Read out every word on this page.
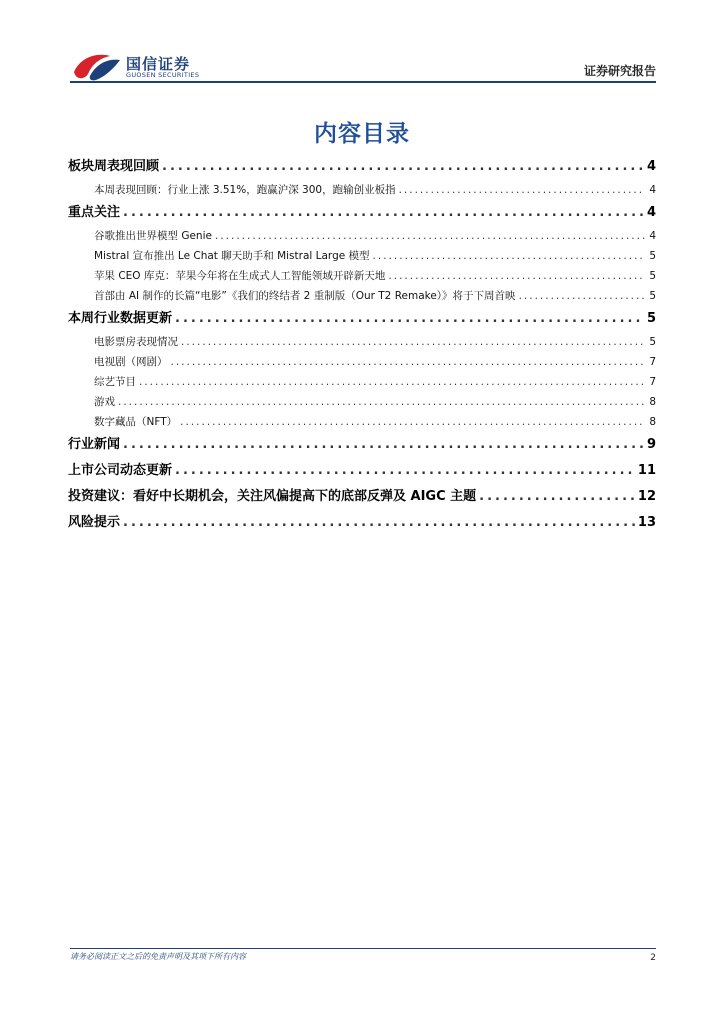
国信证券
GUOSEN SECURITIES	证券研究报告
内容目录
板块周表现回顾 .....	4
本周表现回顾：行业上涨 3.51%，跑赢沪深 300，跑输创业板指 .....	4
重点关注 .....	4
谷歌推出世界模型 Genie .....	4
Mistral 宣布推出 Le Chat 聊天助手和 Mistral Large 模型 .....	5
苹果 CEO 库克：苹果今年将在生成式人工智能领域开辟新天地 .....	5
首部由 AI 制作的长篇“电影”《我们的终结者 2 重制版（Our T2 Remake）》将于下周首映 .....	5
本周行业数据更新 .....	5
电影票房表现情况 .....	5
电视剧（网剧） .....	7
综艺节目 .....	7
游戏 .....	8
数字藏品（NFT） .....	8
行业新闻 .....	9
上市公司动态更新 .....	11
投资建议：看好中长期机会，关注风偏提高下的底部反弹及 AIGC 主题 .....	12
风险提示 .....	13
请务必阅读正文之后的免责声明及其项下所有内容	2
